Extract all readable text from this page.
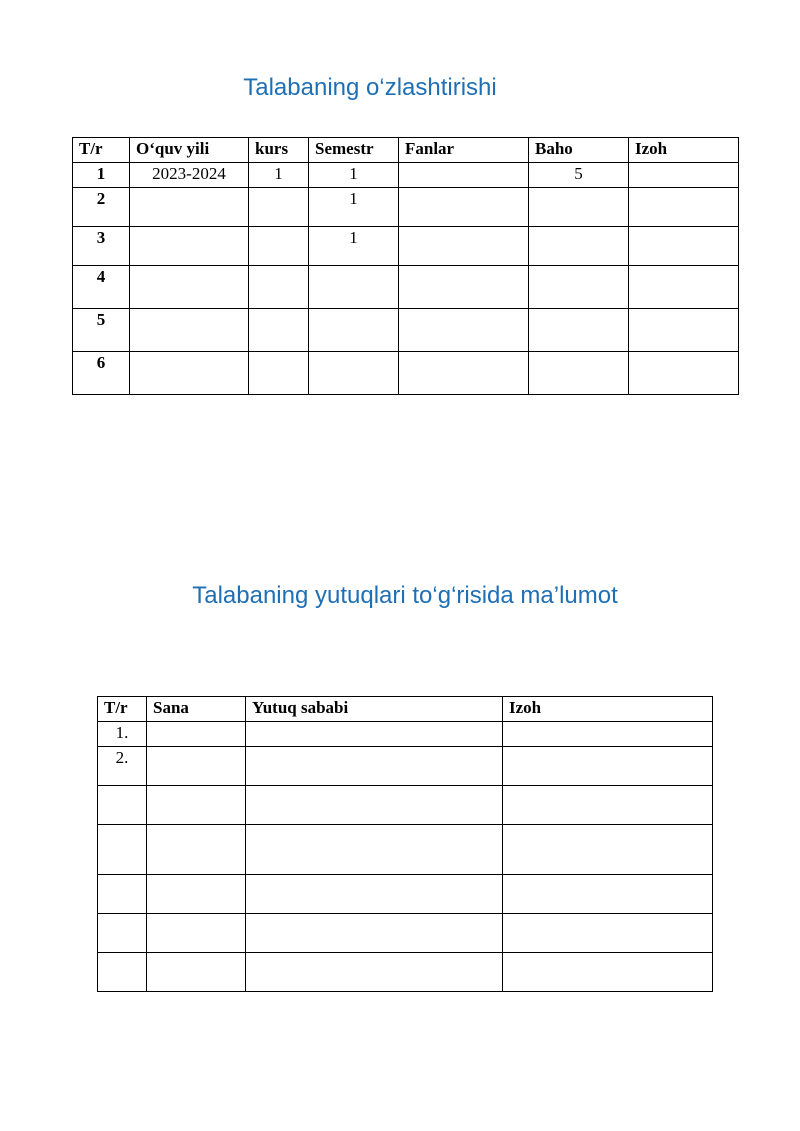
Talabaning o‘zlashtirishi
T/r	O‘quv yili	kurs	Semestr	Fanlar	Baho	Izoh
1	2023-2024	1	1		5	
2			1			
3			1			
4						
5						
6						
Talabaning yutuqlari to‘g‘risida ma’lumot
T/r	Sana	Yutuq sababi	Izoh
1.			
2.			
